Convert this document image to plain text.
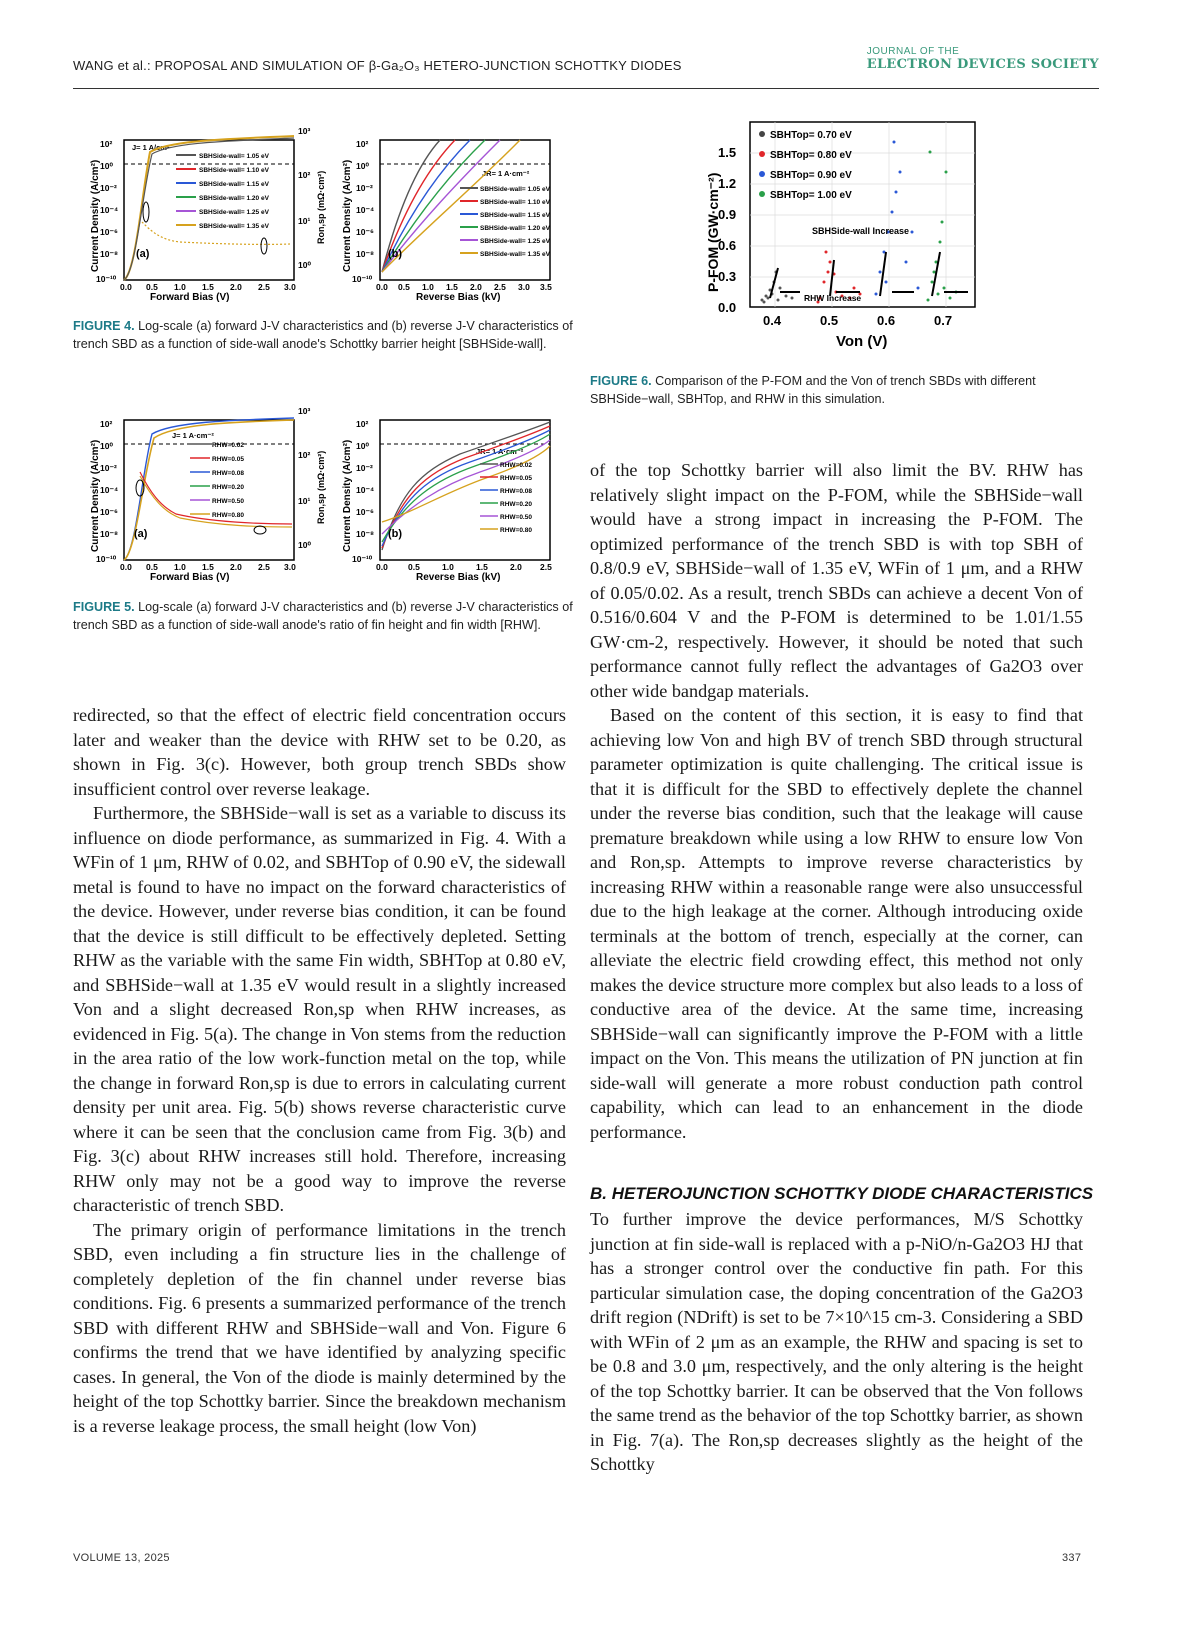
WANG et al.: PROPOSAL AND SIMULATION OF β-Ga₂O₃ HETERO-JUNCTION SCHOTTKY DIODES
JOURNAL OF THE
ELECTRON DEVICES SOCIETY
Current Density (A/cm²)
Forward Bias (V)
10²
10⁰
10⁻²
10⁻⁴
10⁻⁶
10⁻⁸
10⁻¹⁰
0.0 0.5 1.0 1.5 2.0 2.5 3.0
10³
10²
10¹
10⁰
Ron,sp (mΩ·cm²)
J= 1 A/cm²
(a)
SBHSide-wall= 1.05 eV
SBHSide-wall= 1.10 eV
SBHSide-wall= 1.15 eV
SBHSide-wall= 1.20 eV
SBHSide-wall= 1.25 eV
SBHSide-wall= 1.35 eV	Current Density (A/cm²)
Reverse Bias (kV)
10²
10⁰
10⁻²
10⁻⁴
10⁻⁶
10⁻⁸
10⁻¹⁰
0.0 0.5 1.0 1.5 2.0 2.5 3.0 3.5
JR= 1 A·cm⁻²
(b)
SBHSide-wall= 1.05 eV
SBHSide-wall= 1.10 eV
SBHSide-wall= 1.15 eV
SBHSide-wall= 1.20 eV
SBHSide-wall= 1.25 eV
SBHSide-wall= 1.35 eV
FIGURE 4. Log-scale (a) forward J-V characteristics and (b) reverse J-V characteristics of trench SBD as a function of side-wall anode's Schottky barrier height [SBHSide-wall].
Current Density (A/cm²)
Forward Bias (V)
10²
10⁰
10⁻²
10⁻⁴
10⁻⁶
10⁻⁸
10⁻¹⁰
0.0 0.5 1.0 1.5 2.0 2.5 3.0
10³
10²
10¹
10⁰
Ron,sp (mΩ·cm²)
J= 1 A·cm⁻²
(a)
RHW=0.02
RHW=0.05
RHW=0.08
RHW=0.20
RHW=0.50
RHW=0.80	Current Density (A/cm²)
Reverse Bias (kV)
10²
10⁰
10⁻²
10⁻⁴
10⁻⁶
10⁻⁸
10⁻¹⁰
0.0 0.5	1.0	1.5	2.0 2.5
JR= 1 A·cm⁻²
(b)
RHW=0.02
RHW=0.05
RHW=0.08
RHW=0.20
RHW=0.50
RHW=0.80
FIGURE 5. Log-scale (a) forward J-V characteristics and (b) reverse J-V characteristics of trench SBD as a function of side-wall anode's ratio of fin height and fin width [RHW].
P-FOM (GW·cm⁻²)
Von (V)
0.0
0.3
0.6
0.9
1.2
1.5
0.4	0.5	0.6	0.7
SBHTop= 0.70 eV
SBHTop= 0.80 eV
SBHTop= 0.90 eV
SBHTop= 1.00 eV
SBHSide-wall Increase
RHW Increase
FIGURE 6. Comparison of the P-FOM and the Von of trench SBDs with different SBHSide−wall, SBHTop, and RHW in this simulation.

redirected, so that the effect of electric field concentration occurs later and weaker than the device with RHW set to be 0.20, as shown in Fig. 3(c). However, both group trench SBDs show insufficient control over reverse leakage.

Furthermore, the SBHSide−wall is set as a variable to discuss its influence on diode performance, as summarized in Fig. 4. With a WFin of 1 μm, RHW of 0.02, and SBHTop of 0.90 eV, the sidewall metal is found to have no impact on the forward characteristics of the device. However, under reverse bias condition, it can be found that the device is still difficult to be effectively depleted. Setting RHW as the variable with the same Fin width, SBHTop at 0.80 eV, and SBHSide−wall at 1.35 eV would result in a slightly increased Von and a slight decreased Ron,sp when RHW increases, as evidenced in Fig. 5(a). The change in Von stems from the reduction in the area ratio of the low work-function metal on the top, while the change in forward Ron,sp is due to errors in calculating current density per unit area. Fig. 5(b) shows reverse characteristic curve where it can be seen that the conclusion came from Fig. 3(b) and Fig. 3(c) about RHW increases still hold. Therefore, increasing RHW only may not be a good way to improve the reverse characteristic of trench SBD.

The primary origin of performance limitations in the trench SBD, even including a fin structure lies in the challenge of completely depletion of the fin channel under reverse bias conditions. Fig. 6 presents a summarized performance of the trench SBD with different RHW and SBHSide−wall and Von. Figure 6 confirms the trend that we have identified by analyzing specific cases. In general, the Von of the diode is mainly determined by the height of the top Schottky barrier. Since the breakdown mechanism is a reverse leakage process, the small height (low Von)

of the top Schottky barrier will also limit the BV. RHW has relatively slight impact on the P-FOM, while the SBHSide−wall would have a strong impact in increasing the P-FOM. The optimized performance of the trench SBD is with top SBH of 0.8/0.9 eV, SBHSide−wall of 1.35 eV, WFin of 1 μm, and a RHW of 0.05/0.02. As a result, trench SBDs can achieve a decent Von of 0.516/0.604 V and the P-FOM is determined to be 1.01/1.55 GW·cm-2, respectively. However, it should be noted that such performance cannot fully reflect the advantages of Ga2O3 over other wide bandgap materials.

Based on the content of this section, it is easy to find that achieving low Von and high BV of trench SBD through structural parameter optimization is quite challenging. The critical issue is that it is difficult for the SBD to effectively deplete the channel under the reverse bias condition, such that the leakage will cause premature breakdown while using a low RHW to ensure low Von and Ron,sp. Attempts to improve reverse characteristics by increasing RHW within a reasonable range were also unsuccessful due to the high leakage at the corner. Although introducing oxide terminals at the bottom of trench, especially at the corner, can alleviate the electric field crowding effect, this method not only makes the device structure more complex but also leads to a loss of conductive area of the device. At the same time, increasing SBHSide−wall can significantly improve the P-FOM with a little impact on the Von. This means the utilization of PN junction at fin side-wall will generate a more robust conduction path control capability, which can lead to an enhancement in the diode performance.

B. HETEROJUNCTION SCHOTTKY DIODE CHARACTERISTICS

To further improve the device performances, M/S Schottky junction at fin side-wall is replaced with a p-NiO/n-Ga2O3 HJ that has a stronger control over the conductive fin path. For this particular simulation case, the doping concentration of the Ga2O3 drift region (NDrift) is set to be 7×10^15 cm-3. Considering a SBD with WFin of 2 μm as an example, the RHW and spacing is set to be 0.8 and 3.0 μm, respectively, and the only altering is the height of the top Schottky barrier. It can be observed that the Von follows the same trend as the behavior of the top Schottky barrier, as shown in Fig. 7(a). The Ron,sp decreases slightly as the height of the Schottky

VOLUME 13, 2025	337
